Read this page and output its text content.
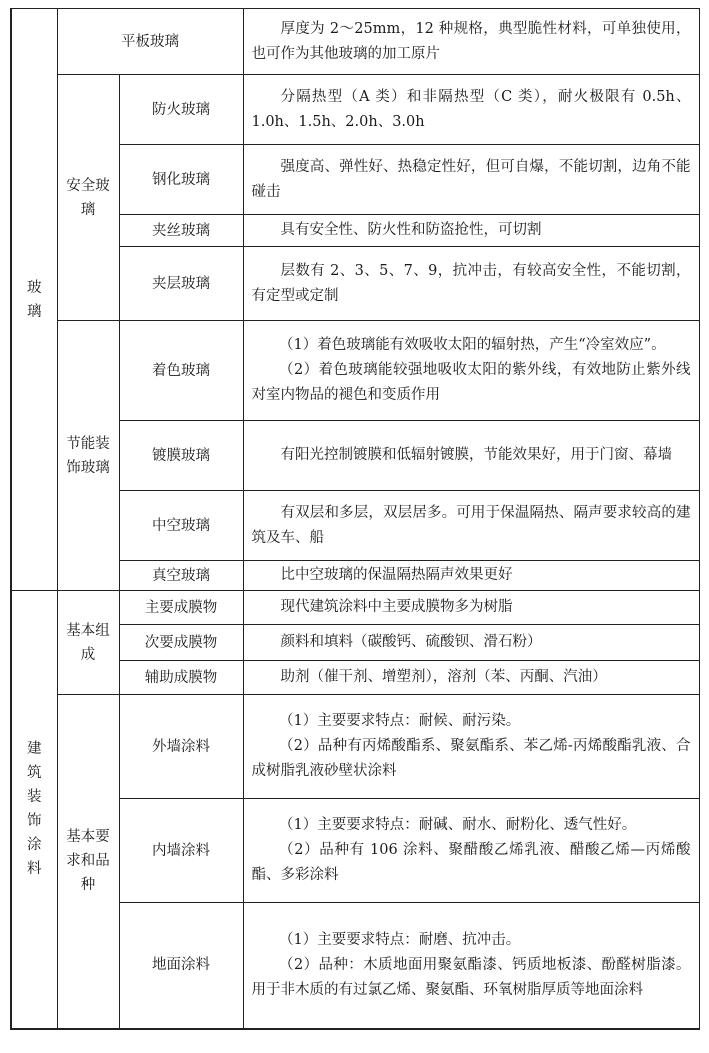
玻璃	平板玻璃		厚度为 2～25mm，12 种规格，典型脆性材料，可单独使用，也可作为其他玻璃的加工原片

	安全玻璃	防火玻璃	分隔热型（A 类）和非隔热型（C 类），耐火极限有 0.5h、1.0h、1.5h、2.0h、3.0h

		钢化玻璃	强度高、弹性好、热稳定性好，但可自爆，不能切割，边角不能碰击

		夹丝玻璃	具有安全性、防火性和防盗抢性，可切割

		夹层玻璃	层数有 2、3、5、7、9，抗冲击，有较高安全性，不能切割，有定型或定制

	节能装饰玻璃	着色玻璃	（1）着色玻璃能有效吸收太阳的辐射热，产生“冷室效应”。

（2）着色玻璃能较强地吸收太阳的紫外线，有效地防止紫外线对室内物品的褪色和变质作用

		镀膜玻璃	有阳光控制镀膜和低辐射镀膜，节能效果好，用于门窗、幕墙

		中空玻璃	有双层和多层，双层居多。可用于保温隔热、隔声要求较高的建筑及车、船

		真空玻璃	比中空玻璃的保温隔热隔声效果更好

建筑装饰涂料	基本组成	主要成膜物	现代建筑涂料中主要成膜物多为树脂

		次要成膜物	颜料和填料（碳酸钙、硫酸钡、滑石粉）

		辅助成膜物	助剂（催干剂、增塑剂），溶剂（苯、丙酮、汽油）

	基本要求和品种	外墙涂料	（1）主要要求特点：耐候、耐污染。

（2）品种有丙烯酸酯系、聚氨酯系、苯乙烯-丙烯酸酯乳液、合成树脂乳液砂壁状涂料

		内墙涂料	（1）主要要求特点：耐碱、耐水、耐粉化、透气性好。

（2）品种有 106 涂料、聚醋酸乙烯乳液、醋酸乙烯—丙烯酸酯、多彩涂料

		地面涂料	（1）主要要求特点：耐磨、抗冲击。

（2）品种：木质地面用聚氨酯漆、钙质地板漆、酚醛树脂漆。用于非木质的有过氯乙烯、聚氨酯、环氧树脂厚质等地面涂料
